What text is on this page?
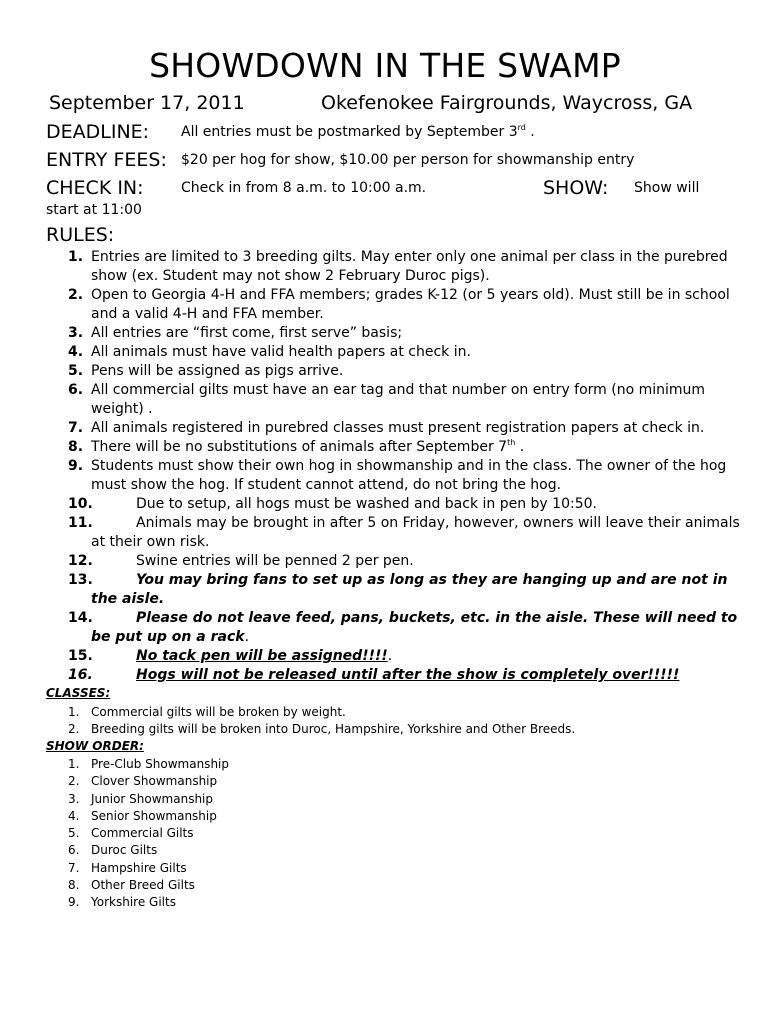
SHOWDOWN IN THE SWAMP
September 17, 2011	Okefenokee Fairgrounds, Waycross, GA
DEADLINE: All entries must be postmarked by September 3rd .
ENTRY FEES: $20 per hog for show, $10.00 per person for showmanship entry
CHECK IN:	Check in from 8 a.m. to 10:00 a.m.	SHOW: Show will
start at 11:00
RULES:
1. Entries are limited to 3 breeding gilts. May enter only one animal per class in the purebred show (ex. Student may not show 2 February Duroc pigs).
2. Open to Georgia 4-H and FFA members; grades K-12 (or 5 years old). Must still be in school and a valid 4-H and FFA member.
3. All entries are “first come, first serve” basis;
4. All animals must have valid health papers at check in.
5. Pens will be assigned as pigs arrive.
6. All commercial gilts must have an ear tag and that number on entry form (no minimum weight) .
7. All animals registered in purebred classes must present registration papers at check in.
8. There will be no substitutions of animals after September 7th .
9. Students must show their own hog in showmanship and in the class. The owner of the hog must show the hog. If student cannot attend, do not bring the hog.
10.	Due to setup, all hogs must be washed and back in pen by 10:50.
11.	Animals may be brought in after 5 on Friday, however, owners will leave their animals at their own risk.
12.	Swine entries will be penned 2 per pen.
13.	You may bring fans to set up as long as they are hanging up and are not in the aisle.
14.	Please do not leave feed, pans, buckets, etc. in the aisle. These will need to be put up on a rack.
15.	No tack pen will be assigned!!!!.
16.	Hogs will not be released until after the show is completely over!!!!!
CLASSES:
1. Commercial gilts will be broken by weight.
2. Breeding gilts will be broken into Duroc, Hampshire, Yorkshire and Other Breeds.
SHOW ORDER:
1. Pre-Club Showmanship
2. Clover Showmanship
3. Junior Showmanship
4. Senior Showmanship
5. Commercial Gilts
6. Duroc Gilts
7. Hampshire Gilts
8. Other Breed Gilts
9. Yorkshire Gilts
